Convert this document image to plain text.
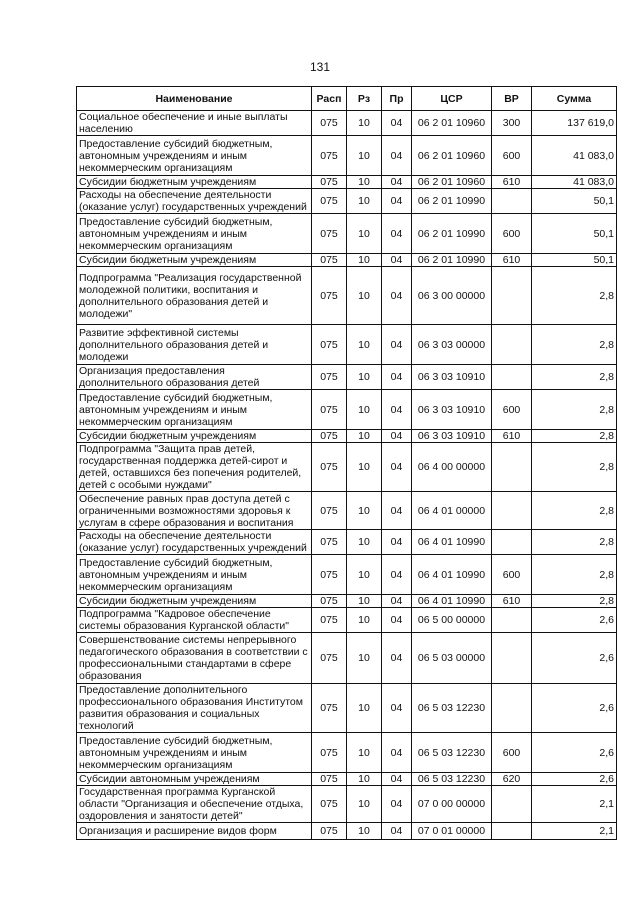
131
Наименование	Расп	Рз	Пр	ЦСР	ВР	Сумма
Социальное обеспечение и иные выплаты населению	075	10	04	06 2 01 10960	300	137 619,0
Предоставление субсидий бюджетным, автономным учреждениям и иным некоммерческим организациям	075	10	04	06 2 01 10960	600	41 083,0
Субсидии бюджетным учреждениям	075	10	04	06 2 01 10960	610	41 083,0
Расходы на обеспечение деятельности (оказание услуг) государственных учреждений	075	10	04	06 2 01 10990		50,1
Предоставление субсидий бюджетным, автономным учреждениям и иным некоммерческим организациям	075	10	04	06 2 01 10990	600	50,1
Субсидии бюджетным учреждениям	075	10	04	06 2 01 10990	610	50,1
Подпрограмма "Реализация государственной молодежной политики, воспитания и дополнительного образования детей и молодежи"	075	10	04	06 3 00 00000		2,8
Развитие эффективной системы дополнительного образования детей и молодежи	075	10	04	06 3 03 00000		2,8
Организация предоставления дополнительного образования детей	075	10	04	06 3 03 10910		2,8
Предоставление субсидий бюджетным, автономным учреждениям и иным некоммерческим организациям	075	10	04	06 3 03 10910	600	2,8
Субсидии бюджетным учреждениям	075	10	04	06 3 03 10910	610	2,8
Подпрограмма "Защита прав детей, государственная поддержка детей-сирот и детей, оставшихся без попечения родителей, детей с особыми нуждами"	075	10	04	06 4 00 00000		2,8
Обеспечение равных прав доступа детей с ограниченными возможностями здоровья к услугам в сфере образования и воспитания	075	10	04	06 4 01 00000		2,8
Расходы на обеспечение деятельности (оказание услуг) государственных учреждений	075	10	04	06 4 01 10990		2,8
Предоставление субсидий бюджетным, автономным учреждениям и иным некоммерческим организациям	075	10	04	06 4 01 10990	600	2,8
Субсидии бюджетным учреждениям	075	10	04	06 4 01 10990	610	2,8
Подпрограмма "Кадровое обеспечение системы образования Курганской области"	075	10	04	06 5 00 00000		2,6
Совершенствование системы непрерывного педагогического образования в соответствии с профессиональными стандартами в сфере образования	075	10	04	06 5 03 00000		2,6
Предоставление дополнительного профессионального образования Институтом развития образования и социальных технологий	075	10	04	06 5 03 12230		2,6
Предоставление субсидий бюджетным, автономным учреждениям и иным некоммерческим организациям	075	10	04	06 5 03 12230	600	2,6
Субсидии автономным учреждениям	075	10	04	06 5 03 12230	620	2,6
Государственная программа Курганской области "Организация и обеспечение отдыха, оздоровления и занятости детей"	075	10	04	07 0 00 00000		2,1
Организация и расширение видов форм	075	10	04	07 0 01 00000		2,1
